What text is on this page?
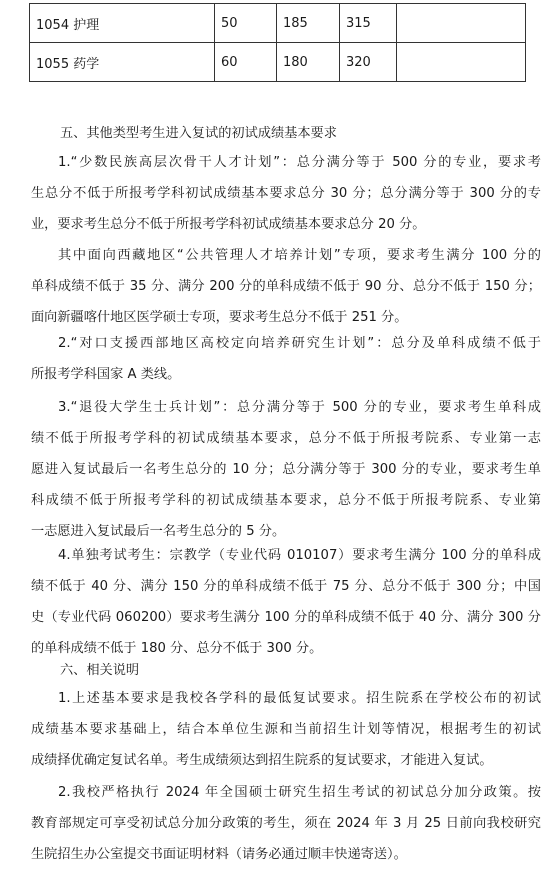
1054 护理	50	185	315	
1055 药学	60	180	320	
五、其他类型考生进入复试的初试成绩基本要求
1.“少数民族高层次骨干人才计划”：总分满分等于 500 分的专业，要求考
生总分不低于所报考学科初试成绩基本要求总分 30 分；总分满分等于 300 分的专
业，要求考生总分不低于所报考学科初试成绩基本要求总分 20 分。
其中面向西藏地区“公共管理人才培养计划”专项，要求考生满分 100 分的
单科成绩不低于 35 分、满分 200 分的单科成绩不低于 90 分、总分不低于 150 分；
面向新疆喀什地区医学硕士专项，要求考生总分不低于 251 分。
2.“对口支援西部地区高校定向培养研究生计划”：总分及单科成绩不低于
所报考学科国家 A 类线。
3.“退役大学生士兵计划”：总分满分等于 500 分的专业，要求考生单科成
绩不低于所报考学科的初试成绩基本要求，总分不低于所报考院系、专业第一志
愿进入复试最后一名考生总分的 10 分；总分满分等于 300 分的专业，要求考生单
科成绩不低于所报考学科的初试成绩基本要求，总分不低于所报考院系、专业第
一志愿进入复试最后一名考生总分的 5 分。
4.单独考试考生：宗教学（专业代码 010107）要求考生满分 100 分的单科成
绩不低于 40 分、满分 150 分的单科成绩不低于 75 分、总分不低于 300 分；中国
史（专业代码 060200）要求考生满分 100 分的单科成绩不低于 40 分、满分 300 分
的单科成绩不低于 180 分、总分不低于 300 分。
六、相关说明
1.上述基本要求是我校各学科的最低复试要求。招生院系在学校公布的初试
成绩基本要求基础上，结合本单位生源和当前招生计划等情况，根据考生的初试
成绩择优确定复试名单。考生成绩须达到招生院系的复试要求，才能进入复试。
2.我校严格执行 2024 年全国硕士研究生招生考试的初试总分加分政策。按
教育部规定可享受初试总分加分政策的考生，须在 2024 年 3 月 25 日前向我校研究
生院招生办公室提交书面证明材料（请务必通过顺丰快递寄送）。
